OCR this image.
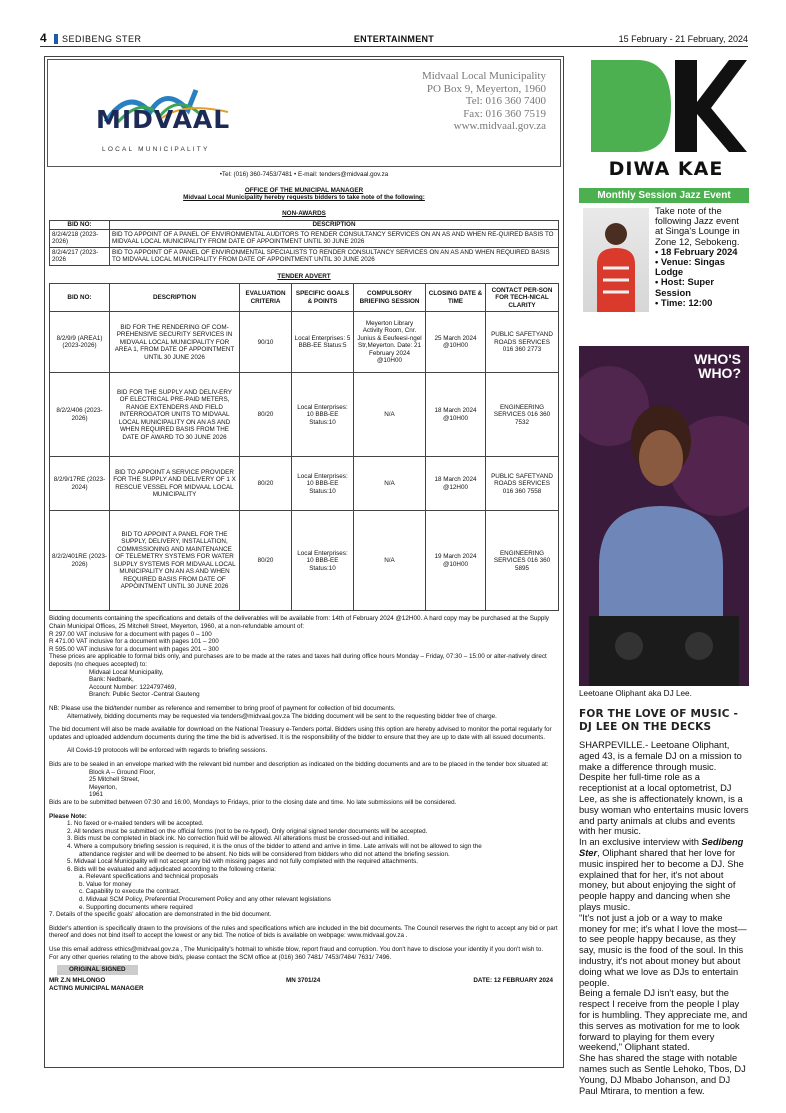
4 SEDIBENG STER	ENTERTAINMENT	15 February - 21 February, 2024
MIDVAAL
LOCAL MUNICIPALITY
Midvaal Local Municipality
PO Box 9, Meyerton, 1960
Tel: 016 360 7400
Fax: 016 360 7519
www.midvaal.gov.za
•Tel: (016) 360-7453/7481 • E-mail: tenders@midvaal.gov.za
OFFICE OF THE MUNICIPAL MANAGER
Midvaal Local Municipality hereby requests bidders to take note of the following:
NON-AWARDS
BID NO:	DESCRIPTION
8/2/4/218 (2023-2026)	BID TO APPOINT OF A PANEL OF ENVIRONMENTAL AUDITORS TO RENDER CONSULTANCY SERVICES ON AN AS AND WHEN RE-QUIRED BASIS TO MIDVAAL LOCAL MUNICIPALITY FROM DATE OF APPOINTMENT UNTIL 30 JUNE 2026
8/2/4/217 (2023-2026	BID TO APPOINT OF A PANEL OF ENVIRONMENTAL SPECIALISTS TO RENDER CONSULTANCY SERVICES ON AN AS AND WHEN REQUIRED BASIS TO MIDVAAL LOCAL MUNICIPALITY FROM DATE OF APPOINTMENT UNTIL 30 JUNE 2026
TENDER ADVERT
BID NO:	DESCRIPTION	EVALUATION CRITERIA	SPECIFIC GOALS & POINTS	COMPULSORY BRIEFING SESSION	CLOSING DATE & TIME	CONTACT PER-SON FOR TECH-NICAL CLARITY
8/2/9/9 (AREA1) (2023-2026)	BID FOR THE RENDERING OF COM-PREHENSIVE SECURITY SERVICES IN MIDVAAL LOCAL MUNICIPALITY FOR AREA 1, FROM DATE OF APPOINTMENT UNTIL 30 JUNE 2026	90/10	Local Enterprises: 5 BBB-EE Status:5	Meyerton Library Activity Room, Cnr. Junius & Eeufeesi-ngel Str,Meyerton. Date: 21 February 2024 @10H00	25 March 2024 @10H00	PUBLIC SAFETYAND ROADS SERVICES 016 360 2773
8/2/2/406 (2023-2026)	BID FOR THE SUPPLY AND DELIV-ERY OF ELECTRICAL PRE-PAID METERS, RANGE EXTENDERS AND FIELD INTERROGATOR UNITS TO MIDVAAL LOCAL MUNICIPALITY ON AN AS AND WHEN REQUIRED BASIS FROM THE DATE OF AWARD TO 30 JUNE 2026	80/20	Local Enterprises: 10 BBB-EE Status:10	N/A	18 March 2024 @10H00	ENGINEERING SERVICES 016 360 7532
8/2/9/17RE (2023-2024)	BID TO APPOINT A SERVICE PROVIDER FOR THE SUPPLY AND DELIVERY OF 1 X RESCUE VESSEL FOR MIDVAAL LOCAL MUNICIPALITY	80/20	Local Enterprises: 10 BBB-EE Status:10	N/A	18 March 2024 @12H00	PUBLIC SAFETYAND ROADS SERVICES 016 360 7558
8/2/2/401RE (2023-2026)	BID TO APPOINT A PANEL FOR THE SUPPLY, DELIVERY, INSTALLATION, COMMISSIONING AND MAINTENANCE OF TELEMETRY SYSTEMS FOR WATER SUPPLY SYSTEMS FOR MIDVAAL LOCAL MUNICIPALITY ON AN AS AND WHEN REQUIRED BASIS FROM DATE OF APPOINTMENT UNTIL 30 JUNE 2026	80/20	Local Enterprises: 10 BBB-EE Status:10	N/A	19 March 2024 @10H00	ENGINEERING SERVICES 016 360 5895

Bidding documents containing the specifications and details of the deliverables will be available from: 14th of February 2024 @12H00. A hard copy may be purchased at the Supply Chain Municipal Offices, 25 Mitchell Street, Meyerton, 1960, at a non-refundable amount of:

R 297.00 VAT inclusive for a document with pages 0 – 100

R 471.00 VAT inclusive for a document with pages 101 – 200

R 595.00 VAT inclusive for a document with pages 201 – 300

These prices are applicable to formal bids only, and purchases are to be made at the rates and taxes hall during office hours Monday – Friday, 07:30 – 15:00 or alter-natively direct deposits (no cheques accepted) to:

Midvaal Local Municipality,

Bank: Nedbank,

Account Number: 1224797469,

Branch: Public Sector -Central Gauteng

NB: Please use the bid/tender number as reference and remember to bring proof of payment for collection of bid documents.

Alternatively, bidding documents may be requested via tenders@midvaal.gov.za The bidding document will be sent to the requesting bidder free of charge.

The bid document will also be made available for download on the National Treasury e-Tenders portal. Bidders using this option are hereby advised to monitor the portal regularly for updates and uploaded addendum documents during the time the bid is advertised. It is the responsibility of the bidder to ensure that they are up to date with all issued documents.

All Covid-19 protocols will be enforced with regards to briefing sessions.

Bids are to be sealed in an envelope marked with the relevant bid number and description as indicated on the bidding documents and are to be placed in the tender box situated at:

Block A – Ground Floor,

25 Mitchell Street,

Meyerton,

1961

Bids are to be submitted between 07:30 and 16:00, Mondays to Fridays, prior to the closing date and time. No late submissions will be considered.

Please Note:

1. No faxed or e-mailed tenders will be accepted.

2. All tenders must be submitted on the official forms (not to be re-typed). Only original signed tender documents will be accepted.

3. Bids must be completed in black ink. No correction fluid will be allowed. All alterations must be crossed-out and initialled.

4. Where a compulsory briefing session is required, it is the onus of the bidder to attend and arrive in time. Late arrivals will not be allowed to sign the

attendance register and will be deemed to be absent. No bids will be considered from bidders who did not attend the briefing session.

5. Midvaal Local Municipality will not accept any bid with missing pages and not fully completed with the required attachments.

6. Bids will be evaluated and adjudicated according to the following criteria:

a. Relevant specifications and technical proposals

b. Value for money

c. Capability to execute the contract.

d. Midvaal SCM Policy, Preferential Procurement Policy and any other relevant legislations

e. Supporting documents where required

7. Details of the specific goals' allocation are demonstrated in the bid document.

Bidder's attention is specifically drawn to the provisions of the rules and specifications which are included in the bid documents. The Council reserves the right to accept any bid or part thereof and does not bind itself to accept the lowest or any bid. The notice of bids is available on webpage: www.midvaal.gov.za .

Use this email address ethics@midvaal.gov.za , The Municipality's hotmail to whistle blow, report fraud and corruption. You don't have to disclose your identity if you don't wish to.

For any other queries relating to the above bid/s, please contact the SCM office at (016) 360 7481/ 7453/7484/ 7631/ 7496.

ORIGINAL SIGNED
MR Z.N MHLONGO	MN 3701/24	DATE: 12 FEBRUARY 2024

ACTING MUNICIPAL MANAGER

DIWA KAE
Monthly Session Jazz Event
Take note of the following Jazz event at Singa's Lounge in Zone 12, Sebokeng.
• 18 February 2024
• Venue: Singas Lodge
• Host: Super Session
• Time: 12:00
WHO'S
WHO?
Leetoane Oliphant aka DJ Lee.
FOR THE LOVE OF MUSIC - DJ LEE ON THE DECKS
SHARPEVILLE.- Leetoane Oliphant, aged 43, is a female DJ on a mission to make a difference through music. Despite her full-time role as a receptionist at a local optometrist, DJ Lee, as she is affectionately known, is a busy woman who entertains music lovers and party animals at clubs and events with her music.
In an exclusive interview with Sedibeng Ster, Oliphant shared that her love for music inspired her to become a DJ. She explained that for her, it's not about money, but about enjoying the sight of people happy and dancing when she plays music.
"It's not just a job or a way to make money for me; it's what I love the most—to see people happy because, as they say, music is the food of the soul. In this industry, it's not about money but about doing what we love as DJs to entertain people.
Being a female DJ isn't easy, but the respect I receive from the people I play for is humbling. They appreciate me, and this serves as motivation for me to look forward to playing for them every weekend," Oliphant stated.
She has shared the stage with notable names such as Sentle Lehoko, Tbos, DJ Young, DJ Mbabo Johanson, and DJ Paul Mtirara, to mention a few.
